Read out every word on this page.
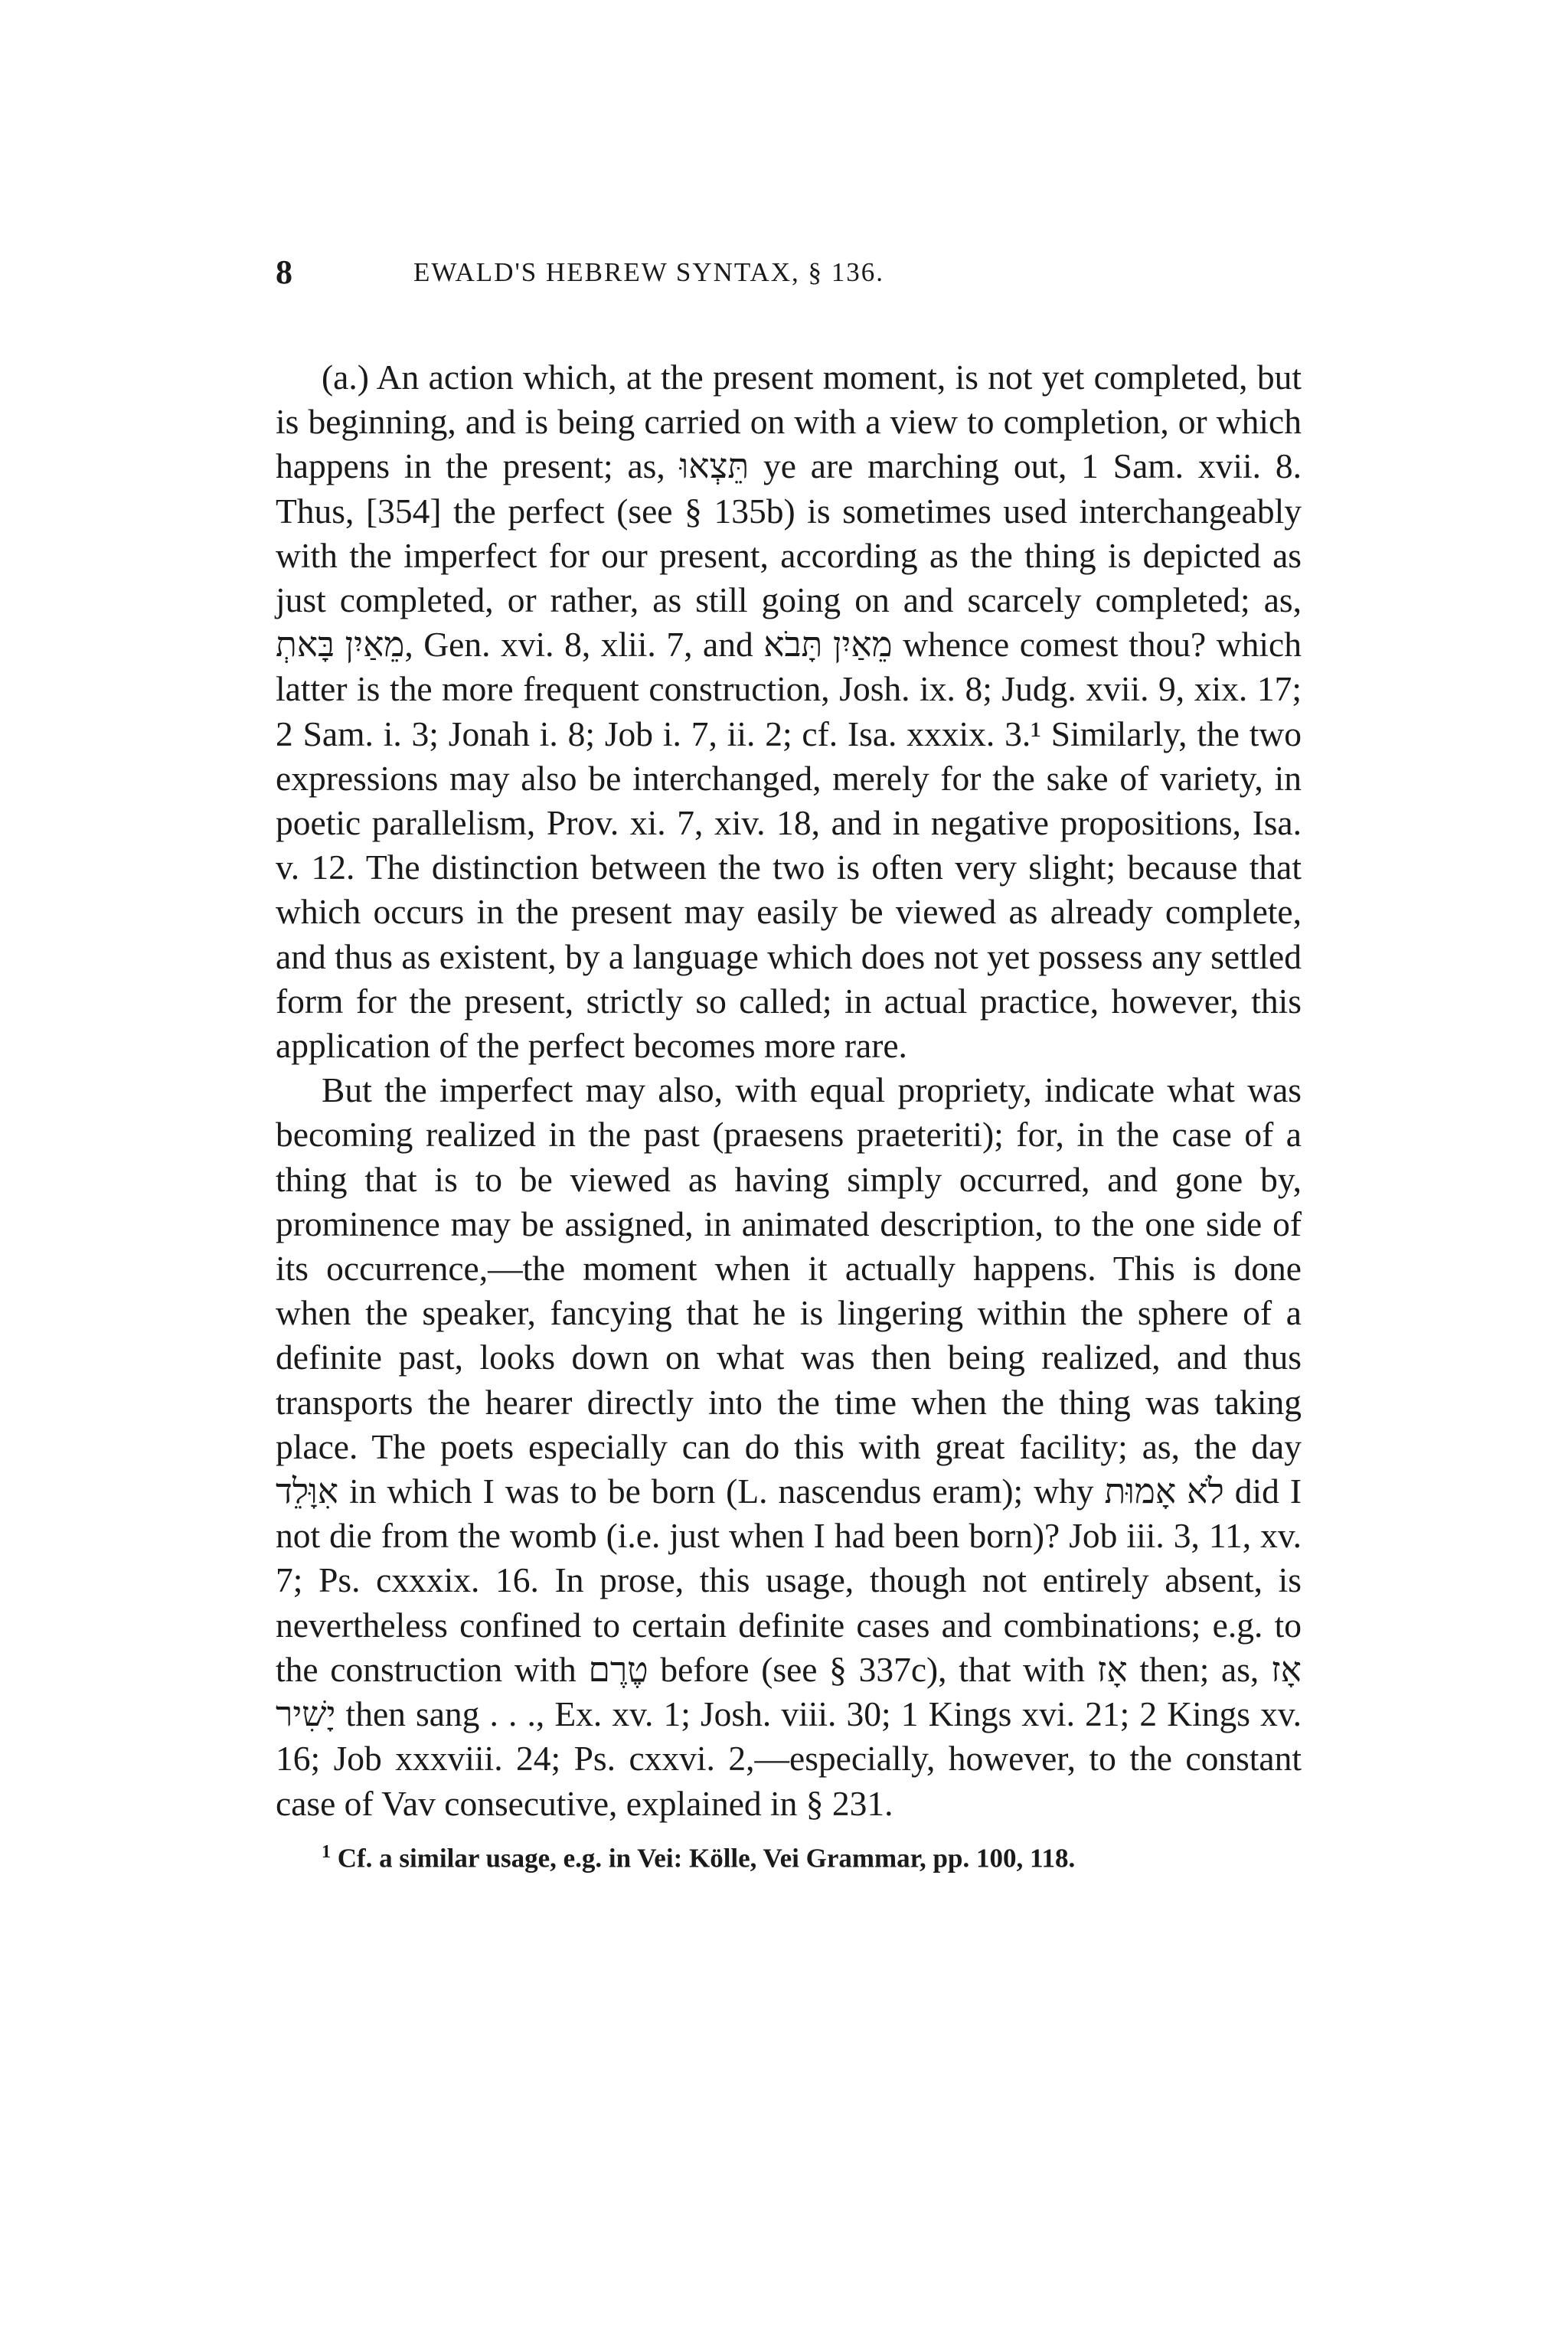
8	EWALD'S HEBREW SYNTAX, § 136.

(a.) An action which, at the present moment, is not yet completed, but is beginning, and is being carried on with a view to completion, or which happens in the present; as, תֵּצְאוּ ye are marching out, 1 Sam. xvii. 8. Thus, [354] the perfect (see § 135b) is sometimes used interchangeably with the imperfect for our present, according as the thing is depicted as just completed, or rather, as still going on and scarcely completed; as, מֵאַיִן בָּאתְ, Gen. xvi. 8, xlii. 7, and מֵאַיִן תָּבֹא whence comest thou? which latter is the more frequent construction, Josh. ix. 8; Judg. xvii. 9, xix. 17; 2 Sam. i. 3; Jonah i. 8; Job i. 7, ii. 2; cf. Isa. xxxix. 3.¹ Similarly, the two expressions may also be interchanged, merely for the sake of variety, in poetic parallelism, Prov. xi. 7, xiv. 18, and in negative propositions, Isa. v. 12. The distinction between the two is often very slight; because that which occurs in the present may easily be viewed as already complete, and thus as existent, by a language which does not yet possess any settled form for the present, strictly so called; in actual practice, however, this application of the perfect becomes more rare.

But the imperfect may also, with equal propriety, indicate what was becoming realized in the past (praesens praeteriti); for, in the case of a thing that is to be viewed as having simply occurred, and gone by, prominence may be assigned, in animated description, to the one side of its occurrence,—the moment when it actually happens. This is done when the speaker, fancying that he is lingering within the sphere of a definite past, looks down on what was then being realized, and thus transports the hearer directly into the time when the thing was taking place. The poets especially can do this with great facility; as, the day אִוָּלֵד in which I was to be born (L. nascendus eram); why לֹא אָמוּת did I not die from the womb (i.e. just when I had been born)? Job iii. 3, 11, xv. 7; Ps. cxxxix. 16. In prose, this usage, though not entirely absent, is nevertheless confined to certain definite cases and combinations; e.g. to the construction with טֶרֶם before (see § 337c), that with אָז then; as, אָז יָשִׁיר then sang . . ., Ex. xv. 1; Josh. viii. 30; 1 Kings xvi. 21; 2 Kings xv. 16; Job xxxviii. 24; Ps. cxxvi. 2,—especially, however, to the constant case of Vav consecutive, explained in § 231.

$^1$ Cf. a similar usage, e.g. in Vei: Kölle, Vei Grammar, pp. 100, 118.
